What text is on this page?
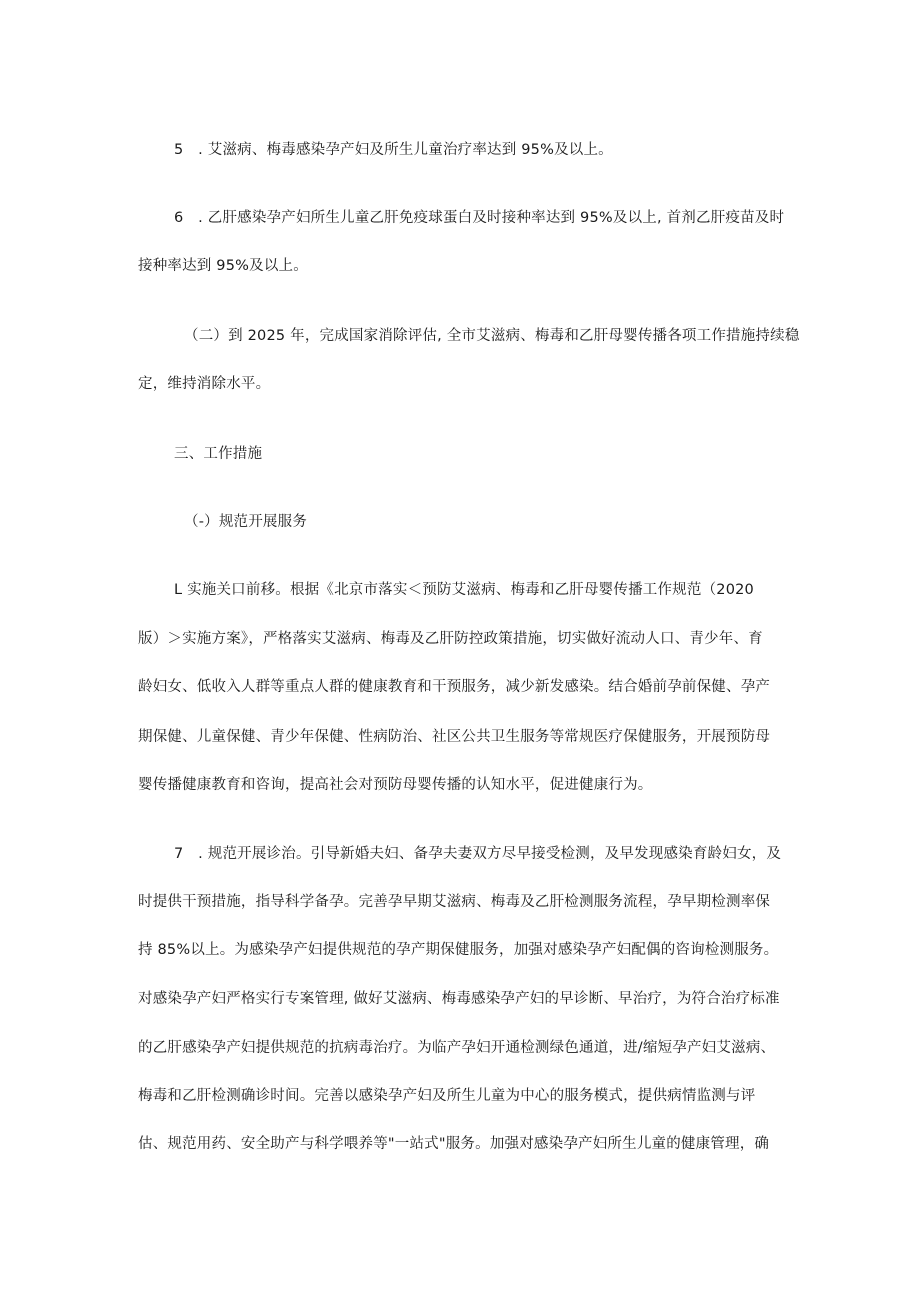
5　. 艾滋病、梅毒感染孕产妇及所生儿童治疗率达到 95%及以上。
6　. 乙肝感染孕产妇所生儿童乙肝免疫球蛋白及时接种率达到 95%及以上, 首剂乙肝疫苗及时
接种率达到 95%及以上。
（二）到 2025 年，完成国家消除评估, 全市艾滋病、梅毒和乙肝母婴传播各项工作措施持续稳
定，维持消除水平。
三、工作措施
（-）规范开展服务
L 实施关口前移。根据《北京市落实＜预防艾滋病、梅毒和乙肝母婴传播工作规范（2020
版）＞实施方案》，严格落实艾滋病、梅毒及乙肝防控政策措施，切实做好流动人口、青少年、育
龄妇女、低收入人群等重点人群的健康教育和干预服务，减少新发感染。结合婚前孕前保健、孕产
期保健、儿童保健、青少年保健、性病防治、社区公共卫生服务等常规医疗保健服务，开展预防母
婴传播健康教育和咨询，提高社会对预防母婴传播的认知水平，促进健康行为。
7　. 规范开展诊治。引导新婚夫妇、备孕夫妻双方尽早接受检测，及早发现感染育龄妇女，及
时提供干预措施，指导科学备孕。完善孕早期艾滋病、梅毒及乙肝检测服务流程，孕早期检测率保
持 85%以上。为感染孕产妇提供规范的孕产期保健服务，加强对感染孕产妇配偶的咨询检测服务。
对感染孕产妇严格实行专案管理, 做好艾滋病、梅毒感染孕产妇的早诊断、早治疗，为符合治疗标准
的乙肝感染孕产妇提供规范的抗病毒治疗。为临产孕妇开通检测绿色通道，进/缩短孕产妇艾滋病、
梅毒和乙肝检测确诊时间。完善以感染孕产妇及所生儿童为中心的服务模式，提供病情监测与评
估、规范用药、安全助产与科学喂养等"一站式"服务。加强对感染孕产妇所生儿童的健康管理，确
